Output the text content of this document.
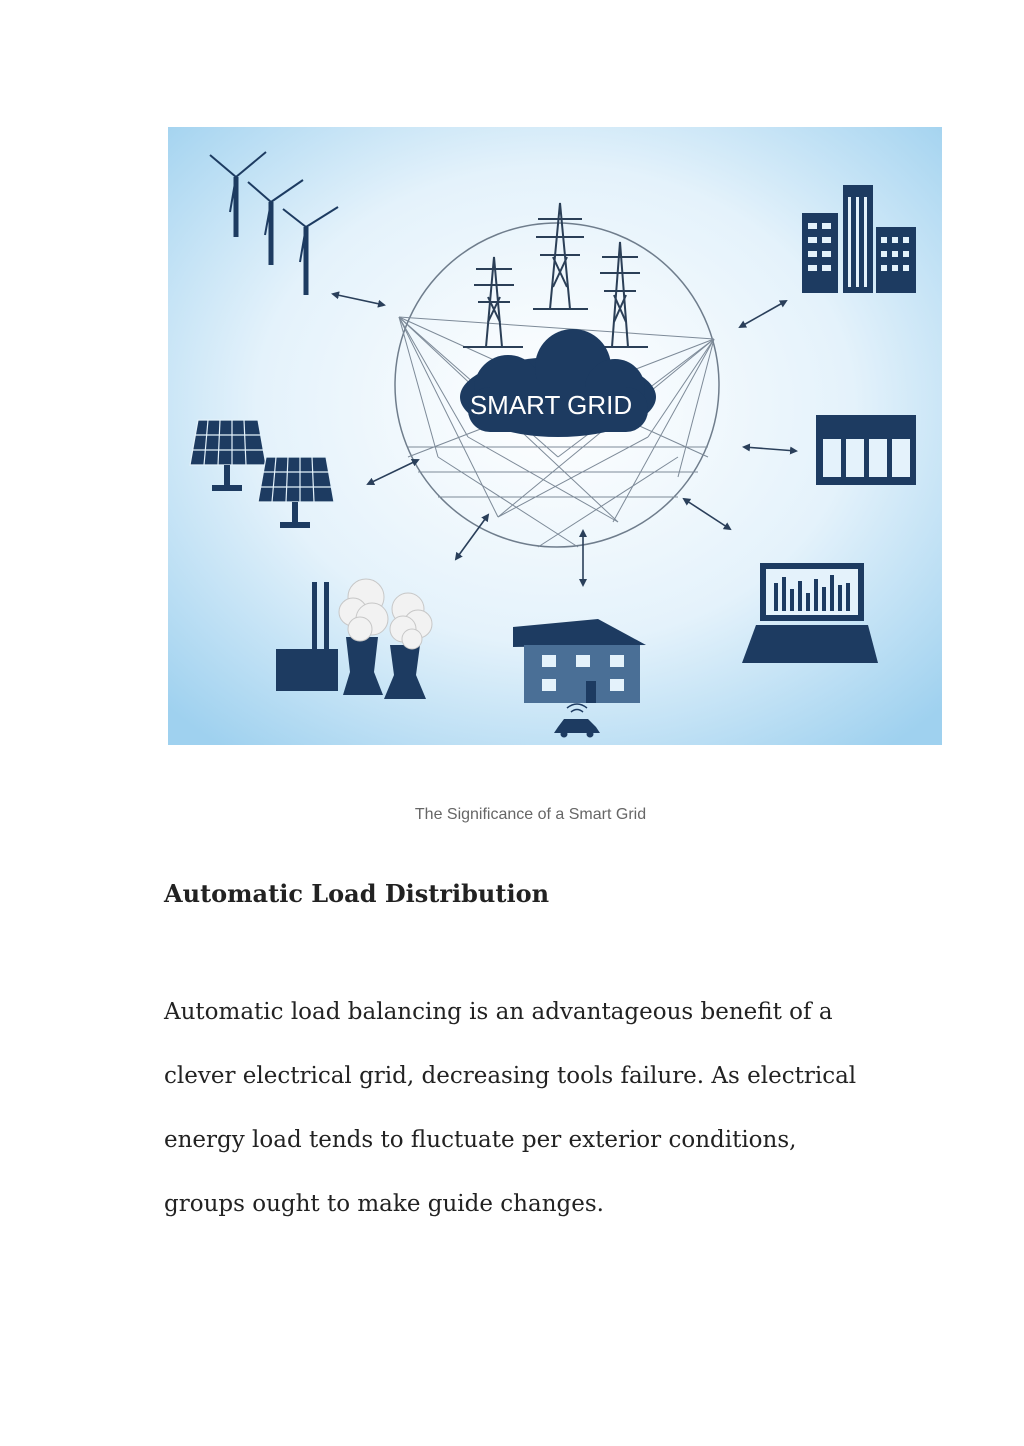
SMART GRID

The Significance of a Smart Grid

Automatic Load Distribution

Automatic load balancing is an advantageous benefit of a
clever electrical grid, decreasing tools failure. As electrical
energy load tends to fluctuate per exterior conditions,
groups ought to make guide changes.
